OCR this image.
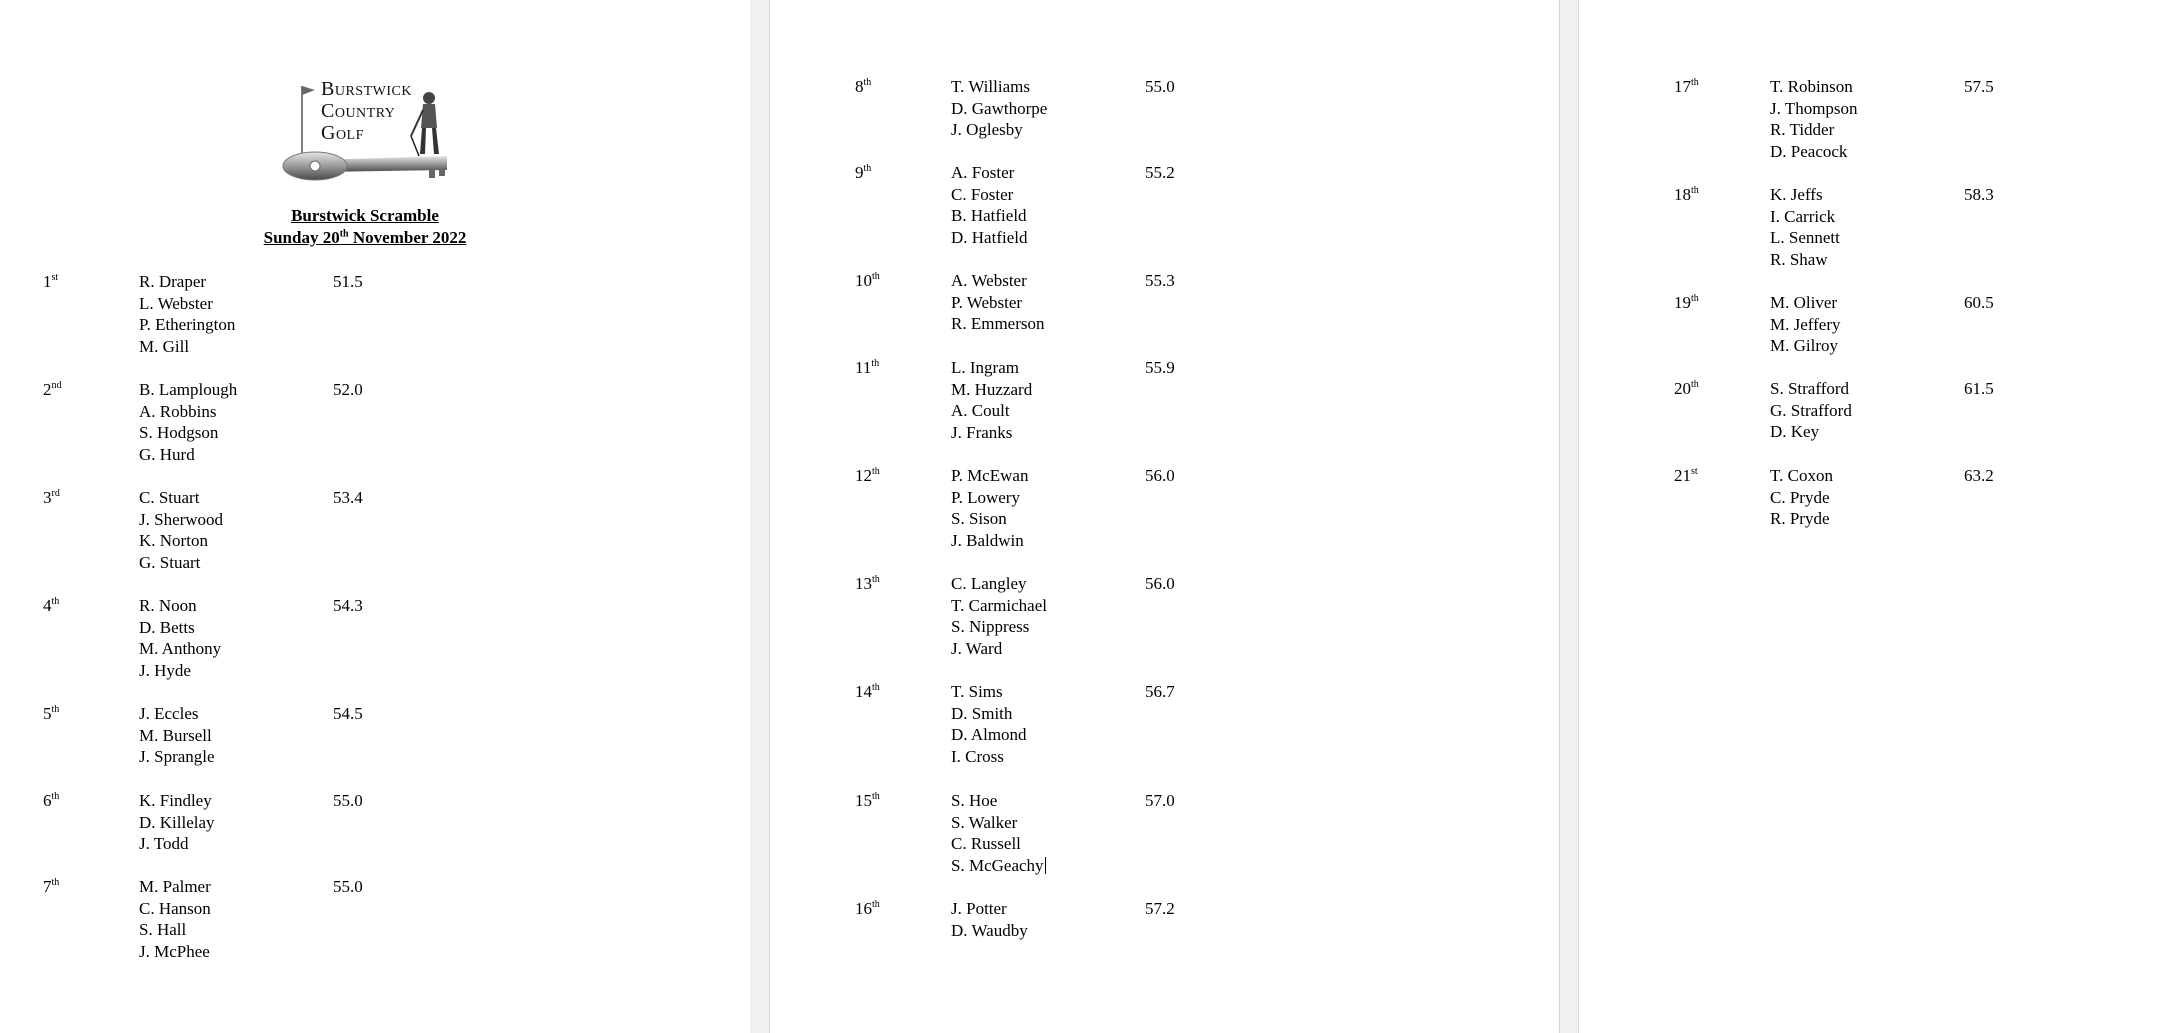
Burstwick
Country
Golf
Burstwick Scramble
Sunday 20th November 2022
1st	R. Draper
L. Webster
P. Etherington
M. Gill
51.5
2nd	B. Lamplough
A. Robbins
S. Hodgson
G. Hurd
52.0
3rd	C. Stuart
J. Sherwood
K. Norton
G. Stuart
53.4
4th	R. Noon
D. Betts
M. Anthony
J. Hyde
54.3
5th	J. Eccles
M. Bursell
J. Sprangle
54.5
6th	K. Findley
D. Killelay
J. Todd
55.0
7th	M. Palmer
C. Hanson
S. Hall
J. McPhee
55.0
8th	T. Williams
D. Gawthorpe
J. Oglesby
55.0
9th	A. Foster
C. Foster
B. Hatfield
D. Hatfield
55.2
10th	A. Webster
P. Webster
R. Emmerson
55.3
11th	L. Ingram
M. Huzzard
A. Coult
J. Franks
55.9
12th	P. McEwan
P. Lowery
S. Sison
J. Baldwin
56.0
13th	C. Langley
T. Carmichael
S. Nippress
J. Ward
56.0
14th	T. Sims
D. Smith
D. Almond
I. Cross
56.7
15th	S. Hoe
S. Walker
C. Russell
S. McGeachy
57.0
16th	J. Potter
D. Waudby
57.2
17th	T. Robinson
J. Thompson
R. Tidder
D. Peacock
57.5
18th	K. Jeffs
I. Carrick
L. Sennett
R. Shaw
58.3
19th	M. Oliver
M. Jeffery
M. Gilroy
60.5
20th	S. Strafford
G. Strafford
D. Key
61.5
21st	T. Coxon
C. Pryde
R. Pryde
63.2
